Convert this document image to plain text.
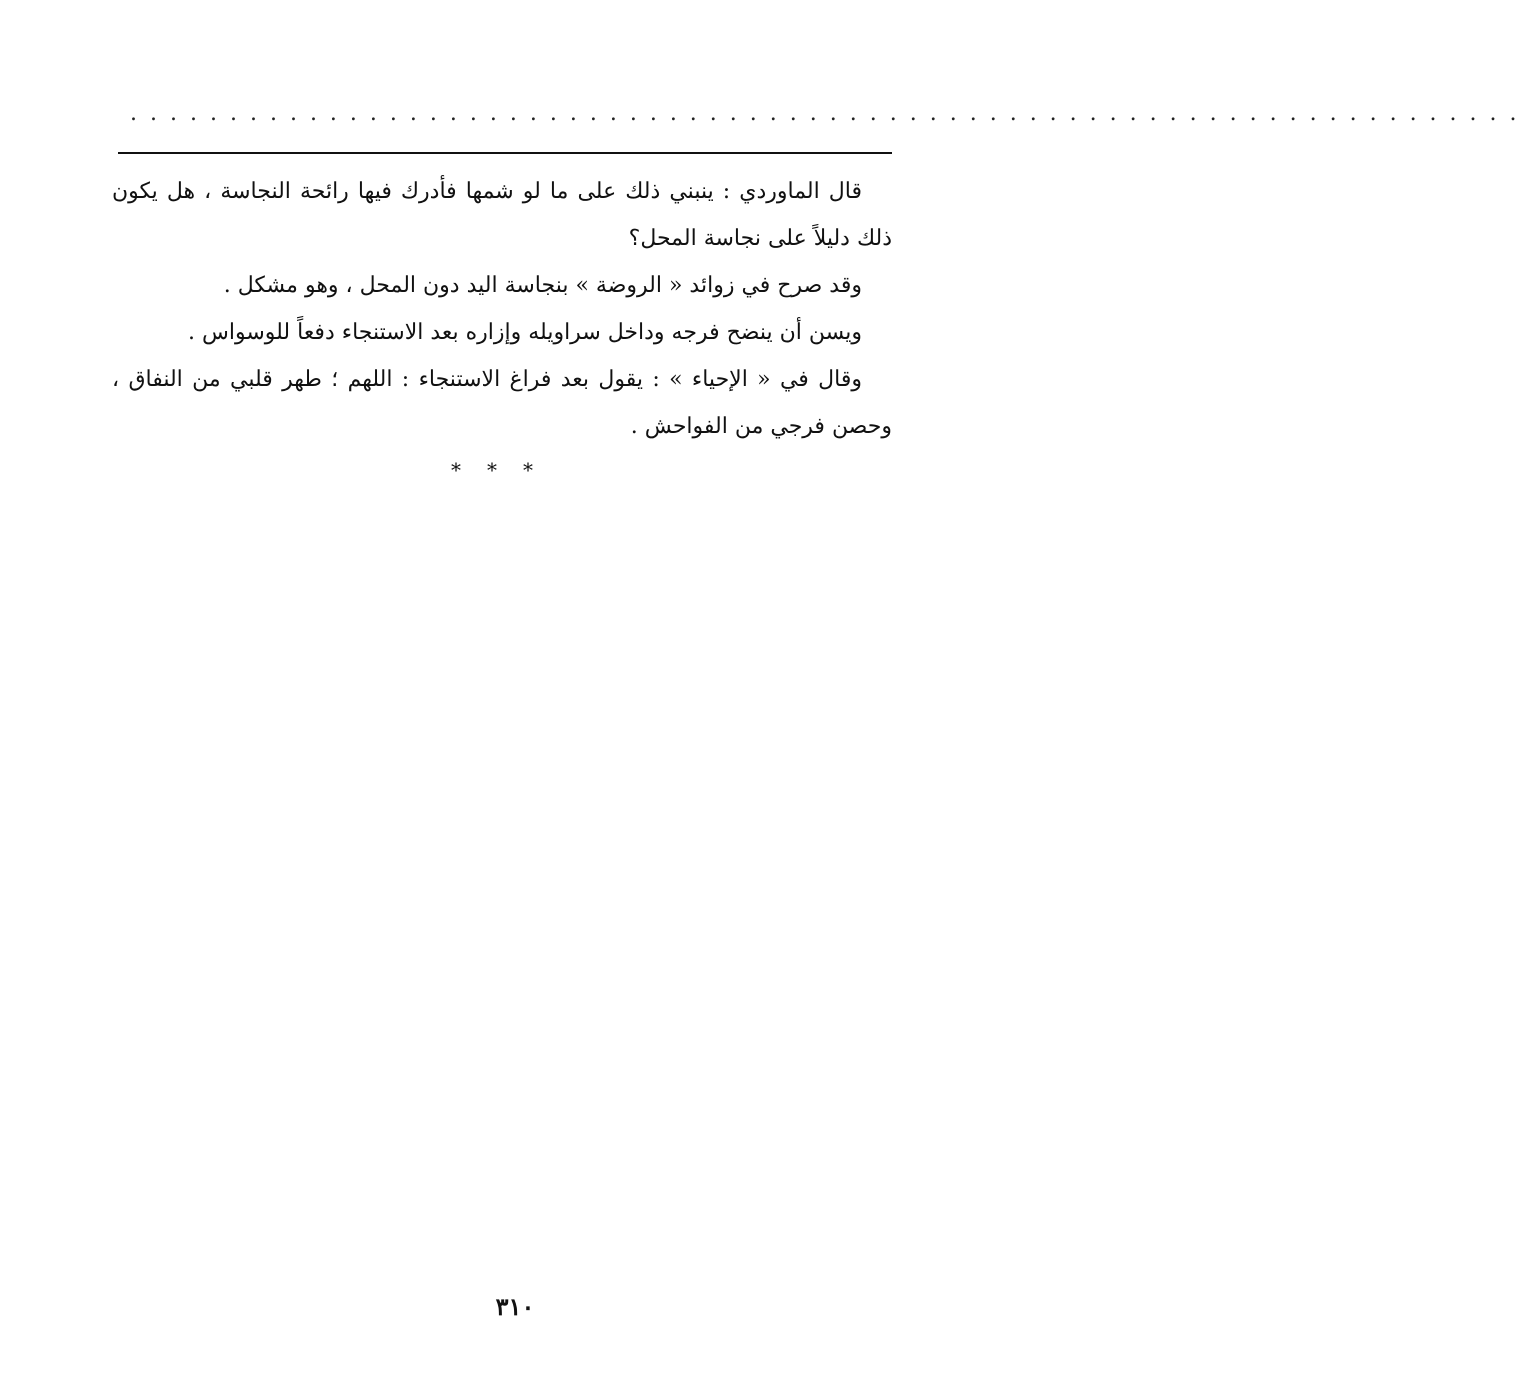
......................................................................

قال الماوردي : ينبني ذلك على ما لو شمها فأدرك فيها رائحة النجاسة ، هل يكون ذلك دليلاً على نجاسة المحل؟

وقد صرح في زوائد « الروضة » بنجاسة اليد دون المحل ، وهو مشكل .

ويسن أن ينضح فرجه وداخل سراويله وإزاره بعد الاستنجاء دفعاً للوسواس .

وقال في « الإحياء » : يقول بعد فراغ الاستنجاء : اللهم ؛ طهر قلبي من النفاق ، وحصن فرجي من الفواحش .

***
٣١٠
